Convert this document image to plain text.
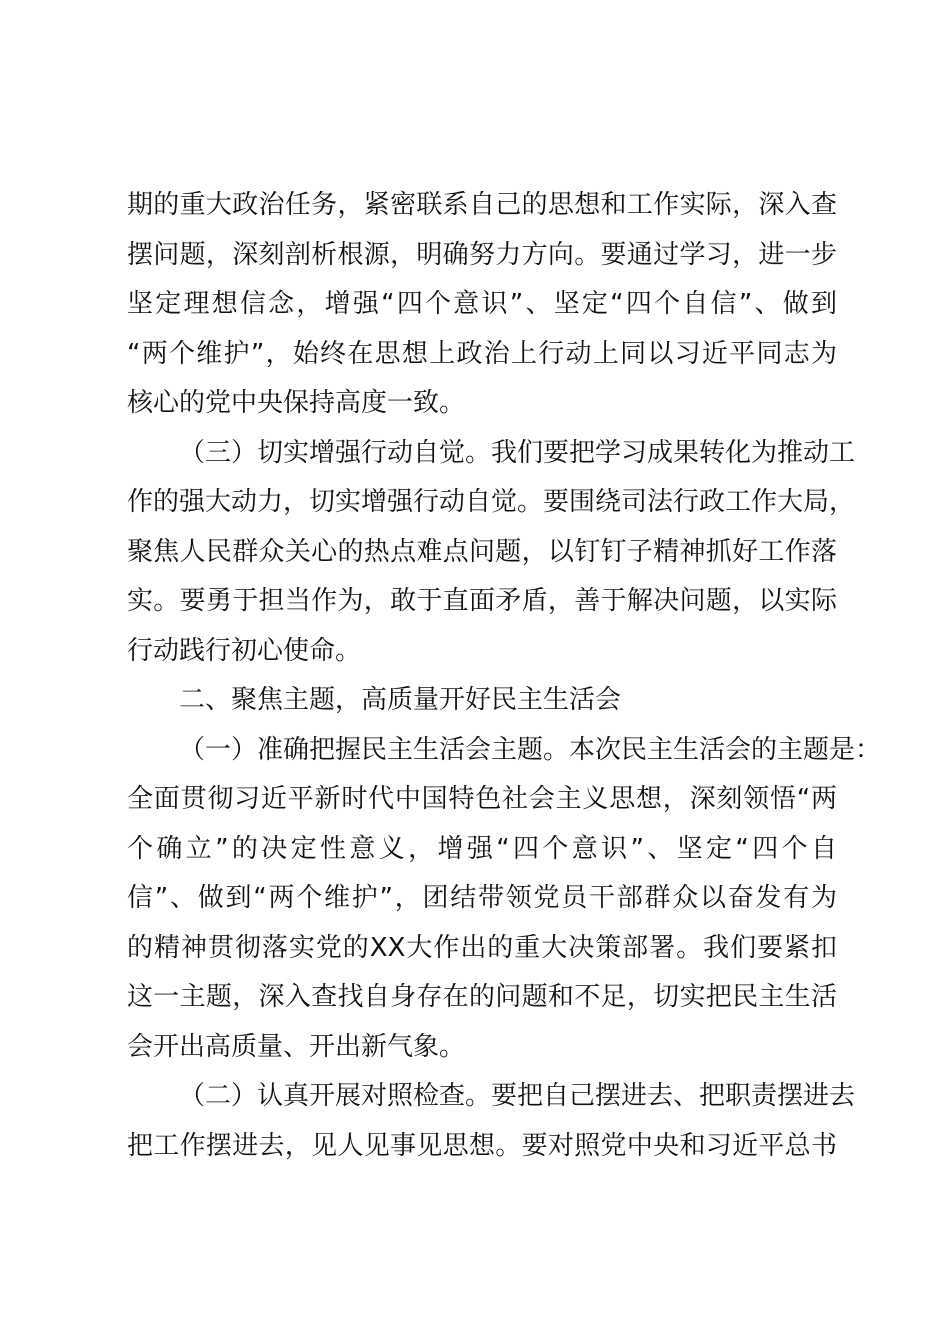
期的重大政治任务，紧密联系自己的思想和工作实际，深入查
摆问题，深刻剖析根源，明确努力方向。要通过学习，进一步
坚定理想信念，增强“四个意识”、坚定“四个自信”、做到
“两个维护”，始终在思想上政治上行动上同以习近平同志为
核心的党中央保持高度一致。
（三）切实增强行动自觉。我们要把学习成果转化为推动工
作的强大动力，切实增强行动自觉。要围绕司法行政工作大局，
聚焦人民群众关心的热点难点问题，以钉钉子精神抓好工作落
实。要勇于担当作为，敢于直面矛盾，善于解决问题，以实际
行动践行初心使命。
二、聚焦主题，高质量开好民主生活会
（一）准确把握民主生活会主题。本次民主生活会的主题是：
全面贯彻习近平新时代中国特色社会主义思想，深刻领悟“两
个确立”的决定性意义，增强“四个意识”、坚定“四个自
信”、做到“两个维护”，团结带领党员干部群众以奋发有为
的精神贯彻落实党的XX大作出的重大决策部署。我们要紧扣
这一主题，深入查找自身存在的问题和不足，切实把民主生活
会开出高质量、开出新气象。
（二）认真开展对照检查。要把自己摆进去、把职责摆进去
把工作摆进去，见人见事见思想。要对照党中央和习近平总书
